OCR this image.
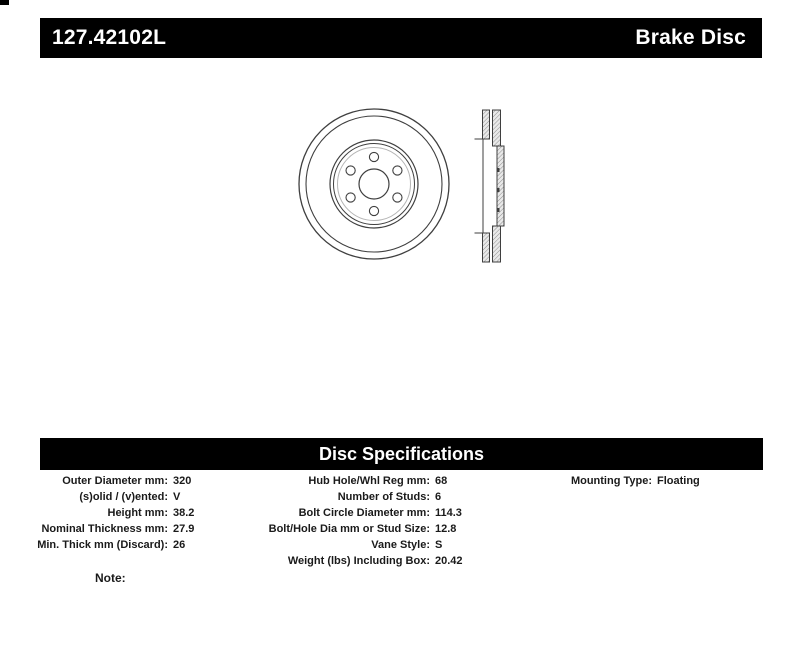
127.42102L	Brake Disc
Disc Specifications
Outer Diameter mm: 320
(s)olid / (v)ented: V
Height mm: 38.2
Nominal Thickness mm: 27.9
Min. Thick mm (Discard): 26
Hub Hole/Whl Reg mm: 68
Number of Studs: 6
Bolt Circle Diameter mm: 114.3
Bolt/Hole Dia mm or Stud Size: 12.8
Vane Style: S
Weight (lbs) Including Box: 20.42
Mounting Type: Floating
Note:
